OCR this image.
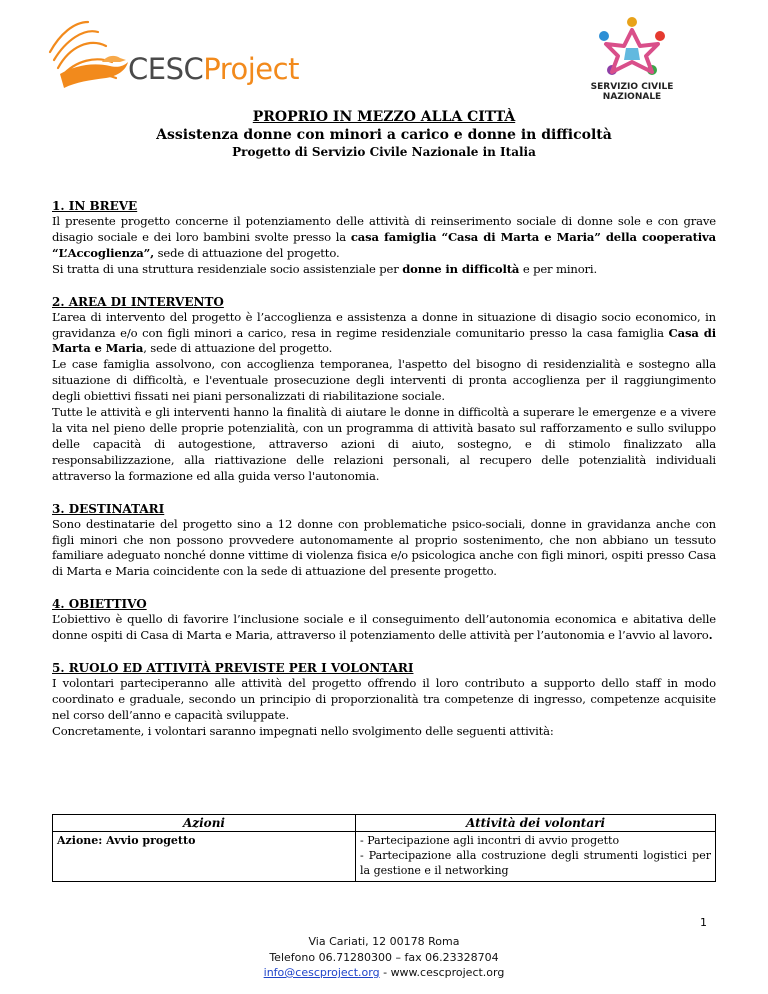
CESCProject
SERVIZIO CIVILE
NAZIONALE
PROPRIO IN MEZZO ALLA CITTÀ
Assistenza donne con minori a carico e donne in difficoltà
Progetto di Servizio Civile Nazionale in Italia
1. IN BREVE

Il presente progetto concerne il potenziamento delle attività di reinserimento sociale di donne sole e con grave disagio sociale e dei loro bambini svolte presso la casa famiglia “Casa di Marta e Maria” della cooperativa “L’Accoglienza”, sede di attuazione del progetto.

Si tratta di una struttura residenziale socio assistenziale per donne in difficoltà e per minori.

2. AREA DI INTERVENTO

L’area di intervento del progetto è l’accoglienza e assistenza a donne in situazione di disagio socio economico, in gravidanza e/o con figli minori a carico, resa in regime residenziale comunitario presso la casa famiglia Casa di Marta e Maria, sede di attuazione del progetto.

Le case famiglia assolvono, con accoglienza temporanea, l'aspetto del bisogno di residenzialità e sostegno alla situazione di difficoltà, e l'eventuale prosecuzione degli interventi di pronta accoglienza per il raggiungimento degli obiettivi fissati nei piani personalizzati di riabilitazione sociale.

Tutte le attività e gli interventi hanno la finalità di aiutare le donne in difficoltà a superare le emergenze e a vivere la vita nel pieno delle proprie potenzialità, con un programma di attività basato sul rafforzamento e sullo sviluppo delle capacità di autogestione, attraverso azioni di aiuto, sostegno, e di stimolo finalizzato alla responsabilizzazione, alla riattivazione delle relazioni personali, al recupero delle potenzialità individuali attraverso la formazione ed alla guida verso l'autonomia.

3. DESTINATARI

Sono destinatarie del progetto sino a 12 donne con problematiche psico-sociali, donne in gravidanza anche con figli minori che non possono provvedere autonomamente al proprio sostenimento, che non abbiano un tessuto familiare adeguato nonché donne vittime di violenza fisica e/o psicologica anche con figli minori, ospiti presso Casa di Marta e Maria coincidente con la sede di attuazione del presente progetto.

4. OBIETTIVO

L’obiettivo è quello di favorire l’inclusione sociale e il conseguimento dell’autonomia economica e abitativa delle donne ospiti di Casa di Marta e Maria, attraverso il potenziamento delle attività per l’autonomia e l’avvio al lavoro.

5. RUOLO ED ATTIVITÀ PREVISTE PER I VOLONTARI

I volontari parteciperanno alle attività del progetto offrendo il loro contributo a supporto dello staff in modo coordinato e graduale, secondo un principio di proporzionalità tra competenze di ingresso, competenze acquisite nel corso dell’anno e capacità sviluppate.

Concretamente, i volontari saranno impegnati nello svolgimento delle seguenti attività:

Azioni	Attività dei volontari
Azione: Avvio progetto	- Partecipazione agli incontri di avvio progetto
- Partecipazione alla costruzione degli strumenti logistici per la gestione e il networking
1
Via Cariati, 12 00178 Roma
Telefono 06.71280300 – fax 06.23328704
info@cescproject.org - www.cescproject.org
